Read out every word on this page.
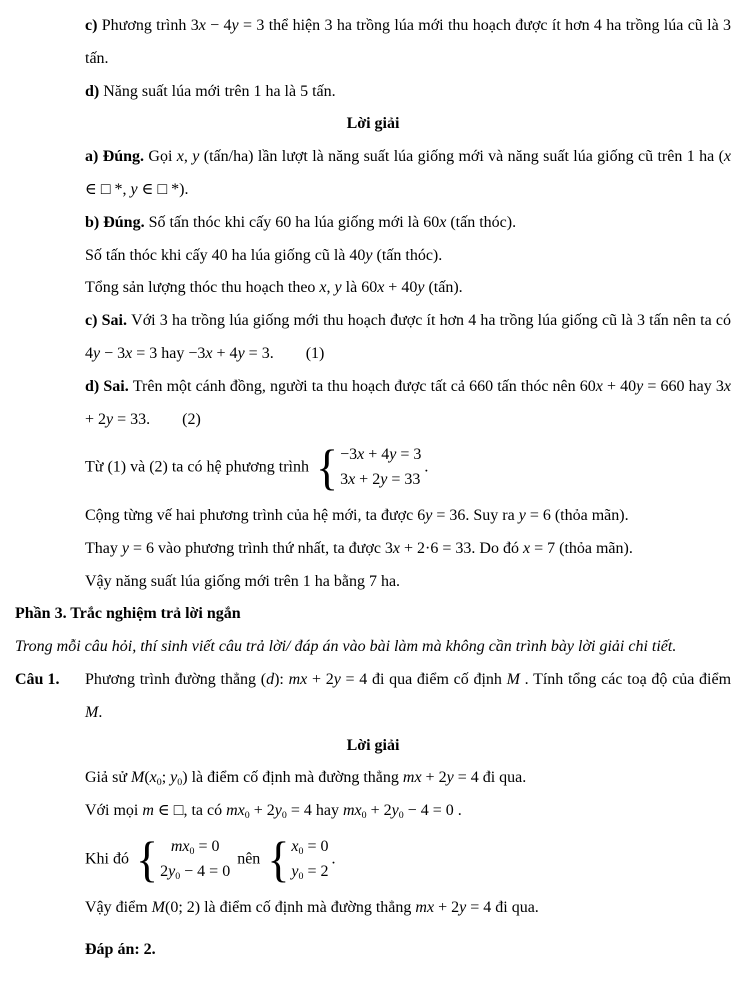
c) Phương trình 3x − 4y = 3 thể hiện 3 ha trồng lúa mới thu hoạch được ít hơn 4 ha trồng lúa cũ là 3 tấn.
d) Năng suất lúa mới trên 1 ha là 5 tấn.
Lời giải
a) Đúng. Gọi x, y (tấn/ha) lần lượt là năng suất lúa giống mới và năng suất lúa giống cũ trên 1 ha (x ∈ □ *, y ∈ □ *).
b) Đúng. Số tấn thóc khi cấy 60 ha lúa giống mới là 60x (tấn thóc).
Số tấn thóc khi cấy 40 ha lúa giống cũ là 40y (tấn thóc).
Tổng sản lượng thóc thu hoạch theo x, y là 60x + 40y (tấn).
c) Sai. Với 3 ha trồng lúa giống mới thu hoạch được ít hơn 4 ha trồng lúa giống cũ là 3 tấn nên ta có 4y − 3x = 3 hay −3x + 4y = 3.  (1)
d) Sai. Trên một cánh đồng, người ta thu hoạch được tất cả 660 tấn thóc nên 60x + 40y = 660 hay 3x + 2y = 33.  (2)
Từ (1) và (2) ta có hệ phương trình { −3x + 4y = 3
3x + 2y = 33
.
Cộng từng vế hai phương trình của hệ mới, ta được 6y = 36. Suy ra y = 6 (thỏa mãn).
Thay y = 6 vào phương trình thứ nhất, ta được 3x + 2·6 = 33. Do đó x = 7 (thỏa mãn).
Vậy năng suất lúa giống mới trên 1 ha bằng 7 ha.
Phần 3. Trắc nghiệm trả lời ngắn
Trong mỗi câu hỏi, thí sinh viết câu trả lời/ đáp án vào bài làm mà không cần trình bày lời giải chi tiết.
Câu 1. Phương trình đường thẳng (d): mx + 2y = 4 đi qua điểm cố định M . Tính tổng các toạ độ của điểm M.
Lời giải
Giả sử $M(x_0$; $y_0$) là điểm cố định mà đường thẳng mx + 2y = 4 đi qua.
Với mọi m ∈ □, ta có $mx_0 + 2y_0 = 4$ hay $mx_0 + 2y_0 - 4 = 0$ .
Khi đó { $mx_0 = 0$
$2y_0 - 4 = 0$
nên { $x_0 = 0$
$y_0 = 2$
.
Vậy điểm M(0; 2) là điểm cố định mà đường thẳng mx + 2y = 4 đi qua.
Đáp án: 2.
